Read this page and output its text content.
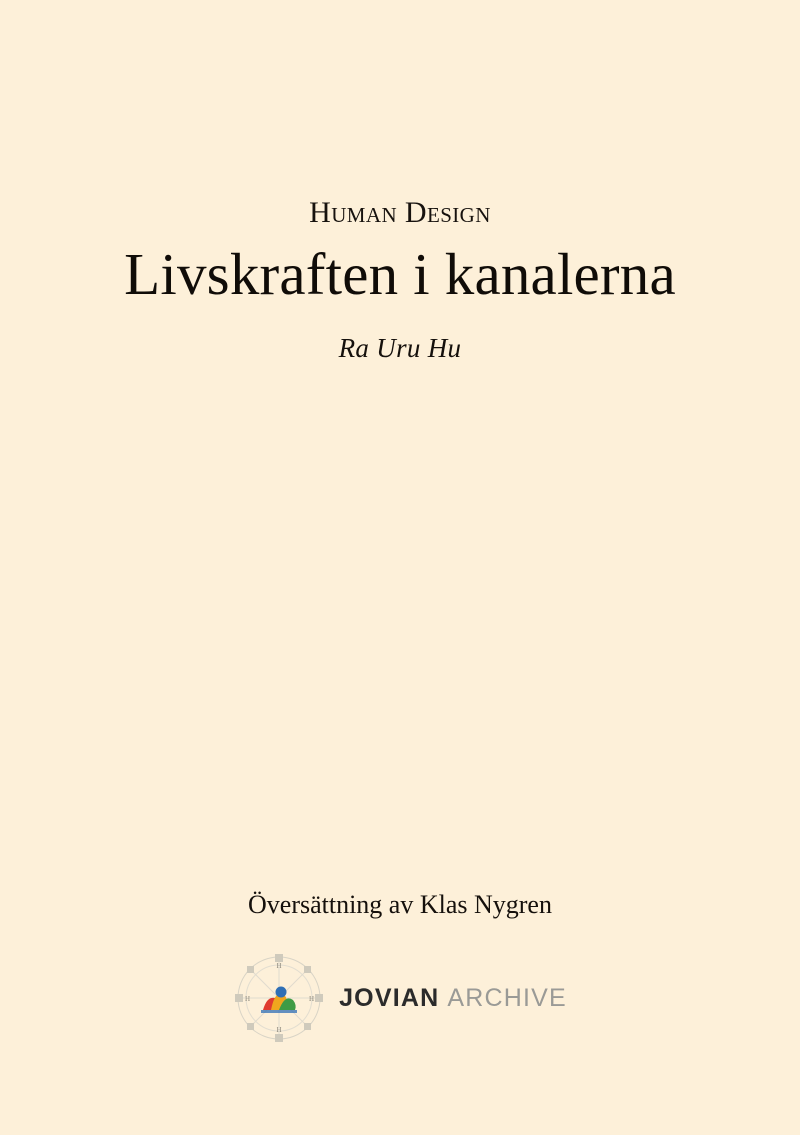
Human Design
Livskraften i kanalerna
Ra Uru Hu
Översättning av Klas Nygren
H
H
H	H JOVIAN ARCHIVE
